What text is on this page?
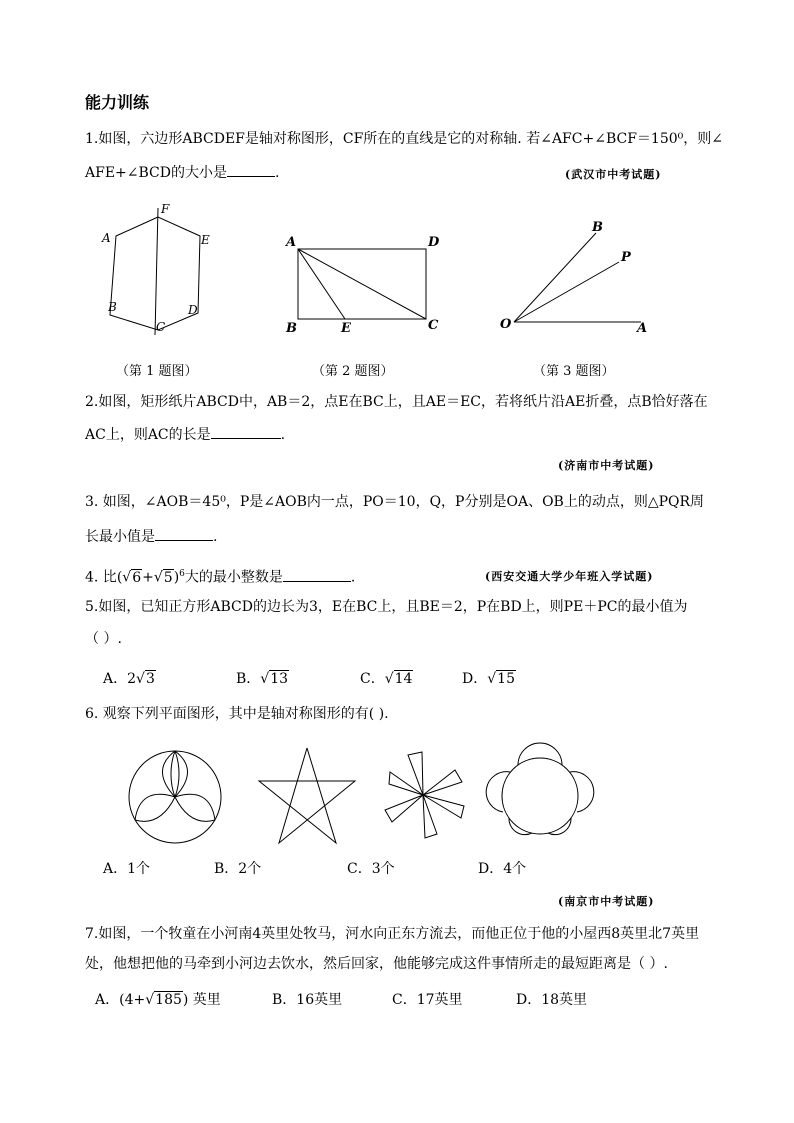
能力训练
1.如图，六边形ABCDEF是轴对称图形，CF所在的直线是它的对称轴. 若∠AFC+∠BCF＝150⁰，则∠
AFE+∠BCD的大小是	.	(武汉市中考试题)
F
A	E
B	D
C
A	D
B	E	C
B
P
O	A
（第 1 题图）	（第 2 题图）	（第 3 题图）
2.如图，矩形纸片ABCD中，AB＝2，点E在BC上，且AE＝EC，若将纸片沿AE折叠，点B恰好落在
AC上，则AC的长是	.
(济南市中考试题)
3. 如图，∠AOB＝45⁰，P是∠AOB内一点，PO＝10，Q，P分别是OA、OB上的动点，则△PQR周
长最小值是	.
4. 比$(√6+√5)^6$大的最小整数是	.	(西安交通大学少年班入学试题)
5.如图，已知正方形ABCD的边长为3，E在BC上，且BE＝2，P在BD上，则PE＋PC的最小值为
（ ）.
A．2√3	B．√13	C．√14	D．√15
6. 观察下列平面图形，其中是轴对称图形的有( ).
A．1个	B．2个	C．3个	D．4个
(南京市中考试题)
7.如图，一个牧童在小河南4英里处牧马，河水向正东方流去，而他正位于他的小屋西8英里北7英里
处，他想把他的马牵到小河边去饮水，然后回家，他能够完成这件事情所走的最短距离是（ ）.
A．(4+√185) 英里	B．16英里	C．17英里	D．18英里
